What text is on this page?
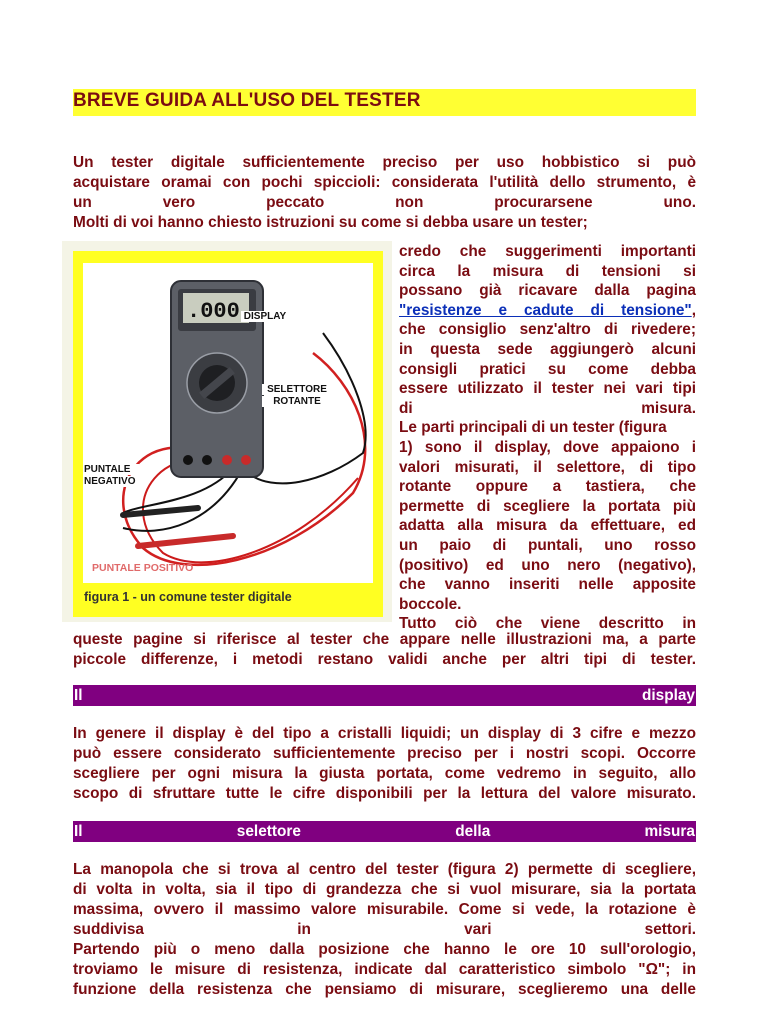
BREVE GUIDA ALL'USO DEL TESTER
Un tester digitale sufficientemente preciso per uso hobbistico si può
acquistare oramai con pochi spiccioli: considerata l'utilità dello strumento, è
un vero peccato non procurarsene uno.
Molti di voi hanno chiesto istruzioni su come si debba usare un tester;
.000 DISPLAY
SELETTORE
ROTANTE
PUNTALE
NEGATIVO
PUNTALE POSITIVO
figura 1 - un comune tester digitale
credo che suggerimenti importanti
circa la misura di tensioni si
possano già ricavare dalla pagina
"resistenze e cadute di tensione",
che consiglio senz'altro di rivedere;
in questa sede aggiungerò alcuni
consigli pratici su come debba
essere utilizzato il tester nei vari tipi
di misura.
Le parti principali di un tester (figura
1) sono il display, dove appaiono i
valori misurati, il selettore, di tipo
rotante oppure a tastiera, che
permette di scegliere la portata più
adatta alla misura da effettuare, ed
un paio di puntali, uno rosso
(positivo) ed uno nero (negativo),
che vanno inseriti nelle apposite
boccole.
Tutto ciò che viene descritto in
queste pagine si riferisce al tester che appare nelle illustrazioni ma, a parte
piccole differenze, i metodi restano validi anche per altri tipi di tester.
Il	display
In genere il display è del tipo a cristalli liquidi; un display di 3 cifre e mezzo
può essere considerato sufficientemente preciso per i nostri scopi. Occorre
scegliere per ogni misura la giusta portata, come vedremo in seguito, allo
scopo di sfruttare tutte le cifre disponibili per la lettura del valore misurato.
Il	selettore	della	misura
La manopola che si trova al centro del tester (figura 2) permette di scegliere,
di volta in volta, sia il tipo di grandezza che si vuol misurare, sia la portata
massima, ovvero il massimo valore misurabile. Come si vede, la rotazione è
suddivisa in vari settori.
Partendo più o meno dalla posizione che hanno le ore 10 sull'orologio,
troviamo le misure di resistenza, indicate dal caratteristico simbolo "Ω"; in
funzione della resistenza che pensiamo di misurare, sceglieremo una delle
